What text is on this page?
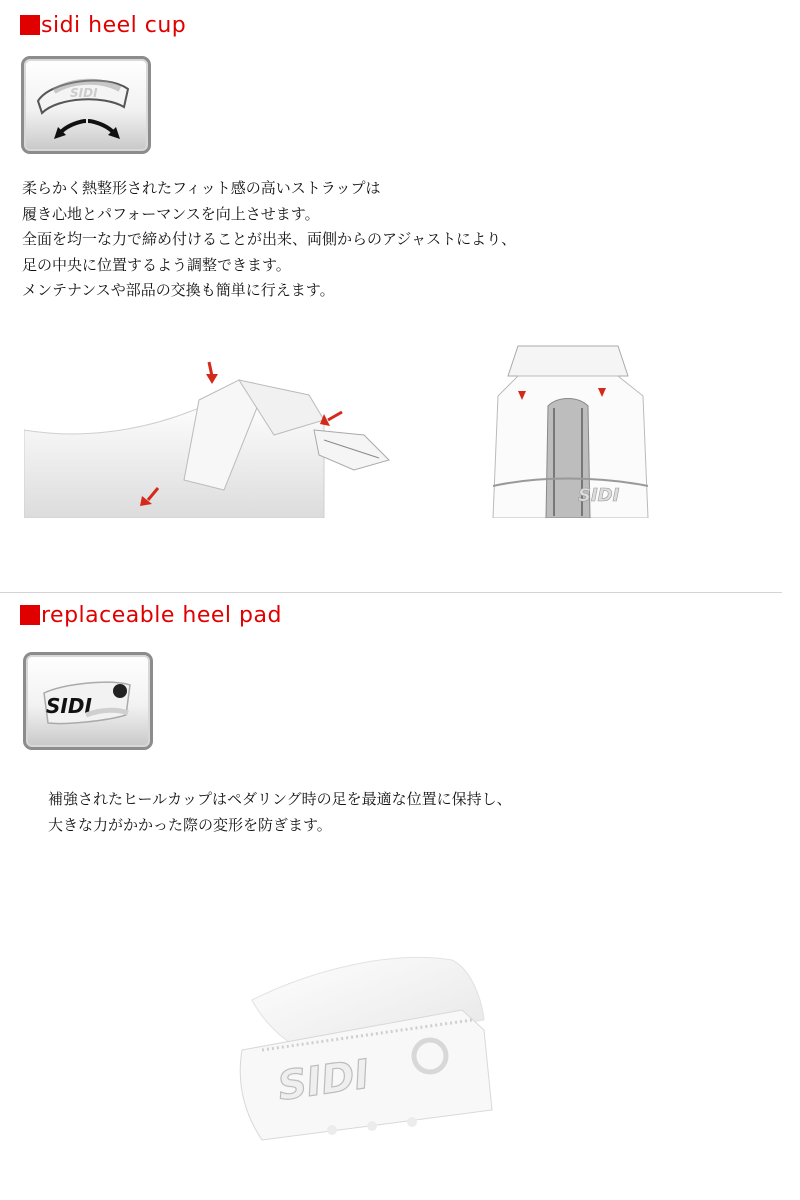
sidi heel cup
SIDI
柔らかく熱整形されたフィット感の高いストラップは
履き心地とパフォーマンスを向上させます。
全面を均一な力で締め付けることが出来、両側からのアジャストにより、
足の中央に位置するよう調整できます。
メンテナンスや部品の交換も簡単に行えます。
SIDI
replaceable heel pad
SIDI
補強されたヒールカップはペダリング時の足を最適な位置に保持し、
大きな力がかかった際の変形を防ぎます。
SIDI
